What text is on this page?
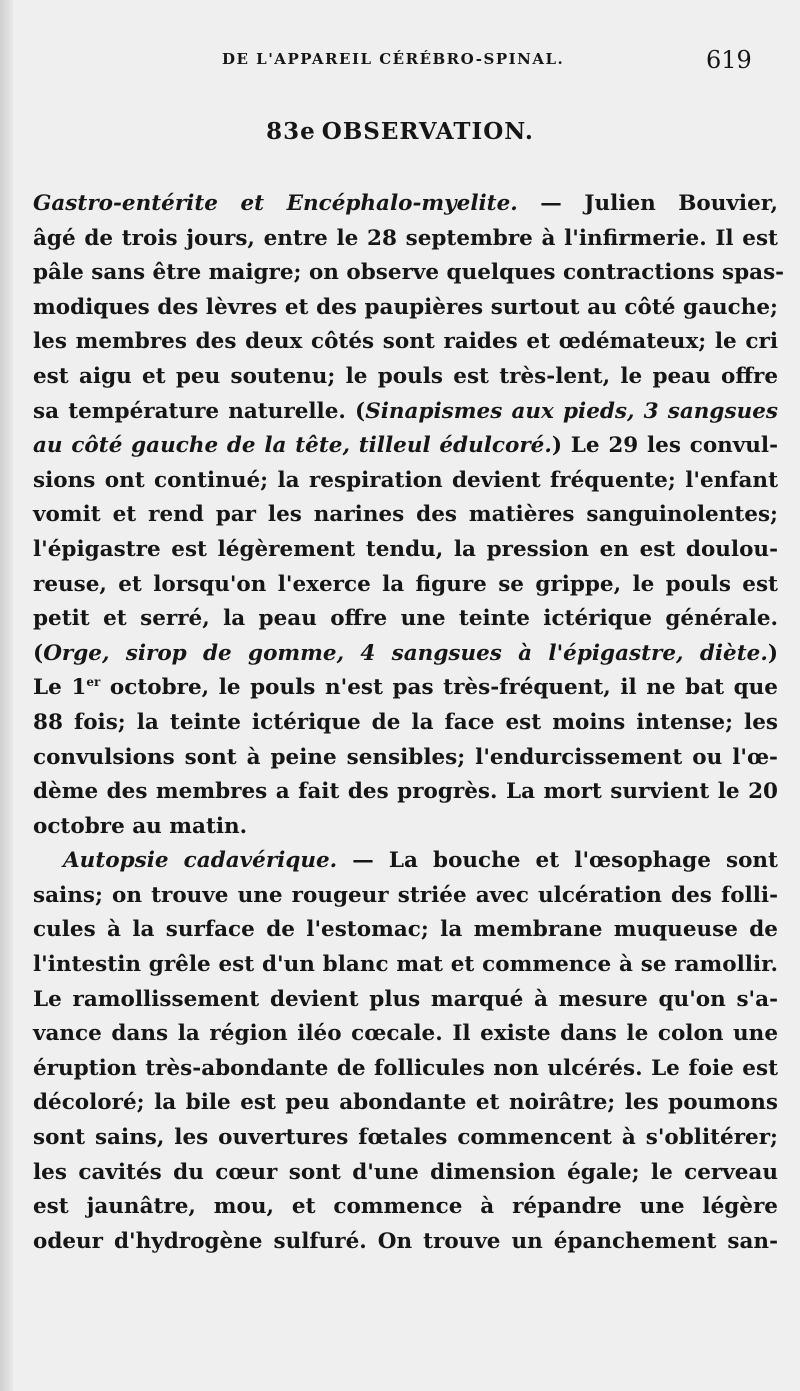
DE L'APPAREIL CÉRÉBRO-SPINAL.	619
83e OBSERVATION.
Gastro-entérite et Encéphalo-myelite. — Julien Bouvier,
âgé de trois jours, entre le 28 septembre à l'infirmerie. Il est
pâle sans être maigre; on observe quelques contractions spas-
modiques des lèvres et des paupières surtout au côté gauche;
les membres des deux côtés sont raides et œdémateux; le cri
est aigu et peu soutenu; le pouls est très-lent, le peau offre
sa température naturelle. (Sinapismes aux pieds, 3 sangsues
au côté gauche de la tête, tilleul édulcoré.) Le 29 les convul-
sions ont continué; la respiration devient fréquente; l'enfant
vomit et rend par les narines des matières sanguinolentes;
l'épigastre est légèrement tendu, la pression en est doulou-
reuse, et lorsqu'on l'exerce la figure se grippe, le pouls est
petit et serré, la peau offre une teinte ictérique générale.
(Orge, sirop de gomme, 4 sangsues à l'épigastre, diète.)
Le 1er octobre, le pouls n'est pas très-fréquent, il ne bat que
88 fois; la teinte ictérique de la face est moins intense; les
convulsions sont à peine sensibles; l'endurcissement ou l'œ-
dème des membres a fait des progrès. La mort survient le 20
octobre au matin.
Autopsie cadavérique. — La bouche et l'œsophage sont
sains; on trouve une rougeur striée avec ulcération des folli-
cules à la surface de l'estomac; la membrane muqueuse de
l'intestin grêle est d'un blanc mat et commence à se ramollir.
Le ramollissement devient plus marqué à mesure qu'on s'a-
vance dans la région iléo cœcale. Il existe dans le colon une
éruption très-abondante de follicules non ulcérés. Le foie est
décoloré; la bile est peu abondante et noirâtre; les poumons
sont sains, les ouvertures fœtales commencent à s'oblitérer;
les cavités du cœur sont d'une dimension égale; le cerveau
est jaunâtre, mou, et commence à répandre une légère
odeur d'hydrogène sulfuré. On trouve un épanchement san-
